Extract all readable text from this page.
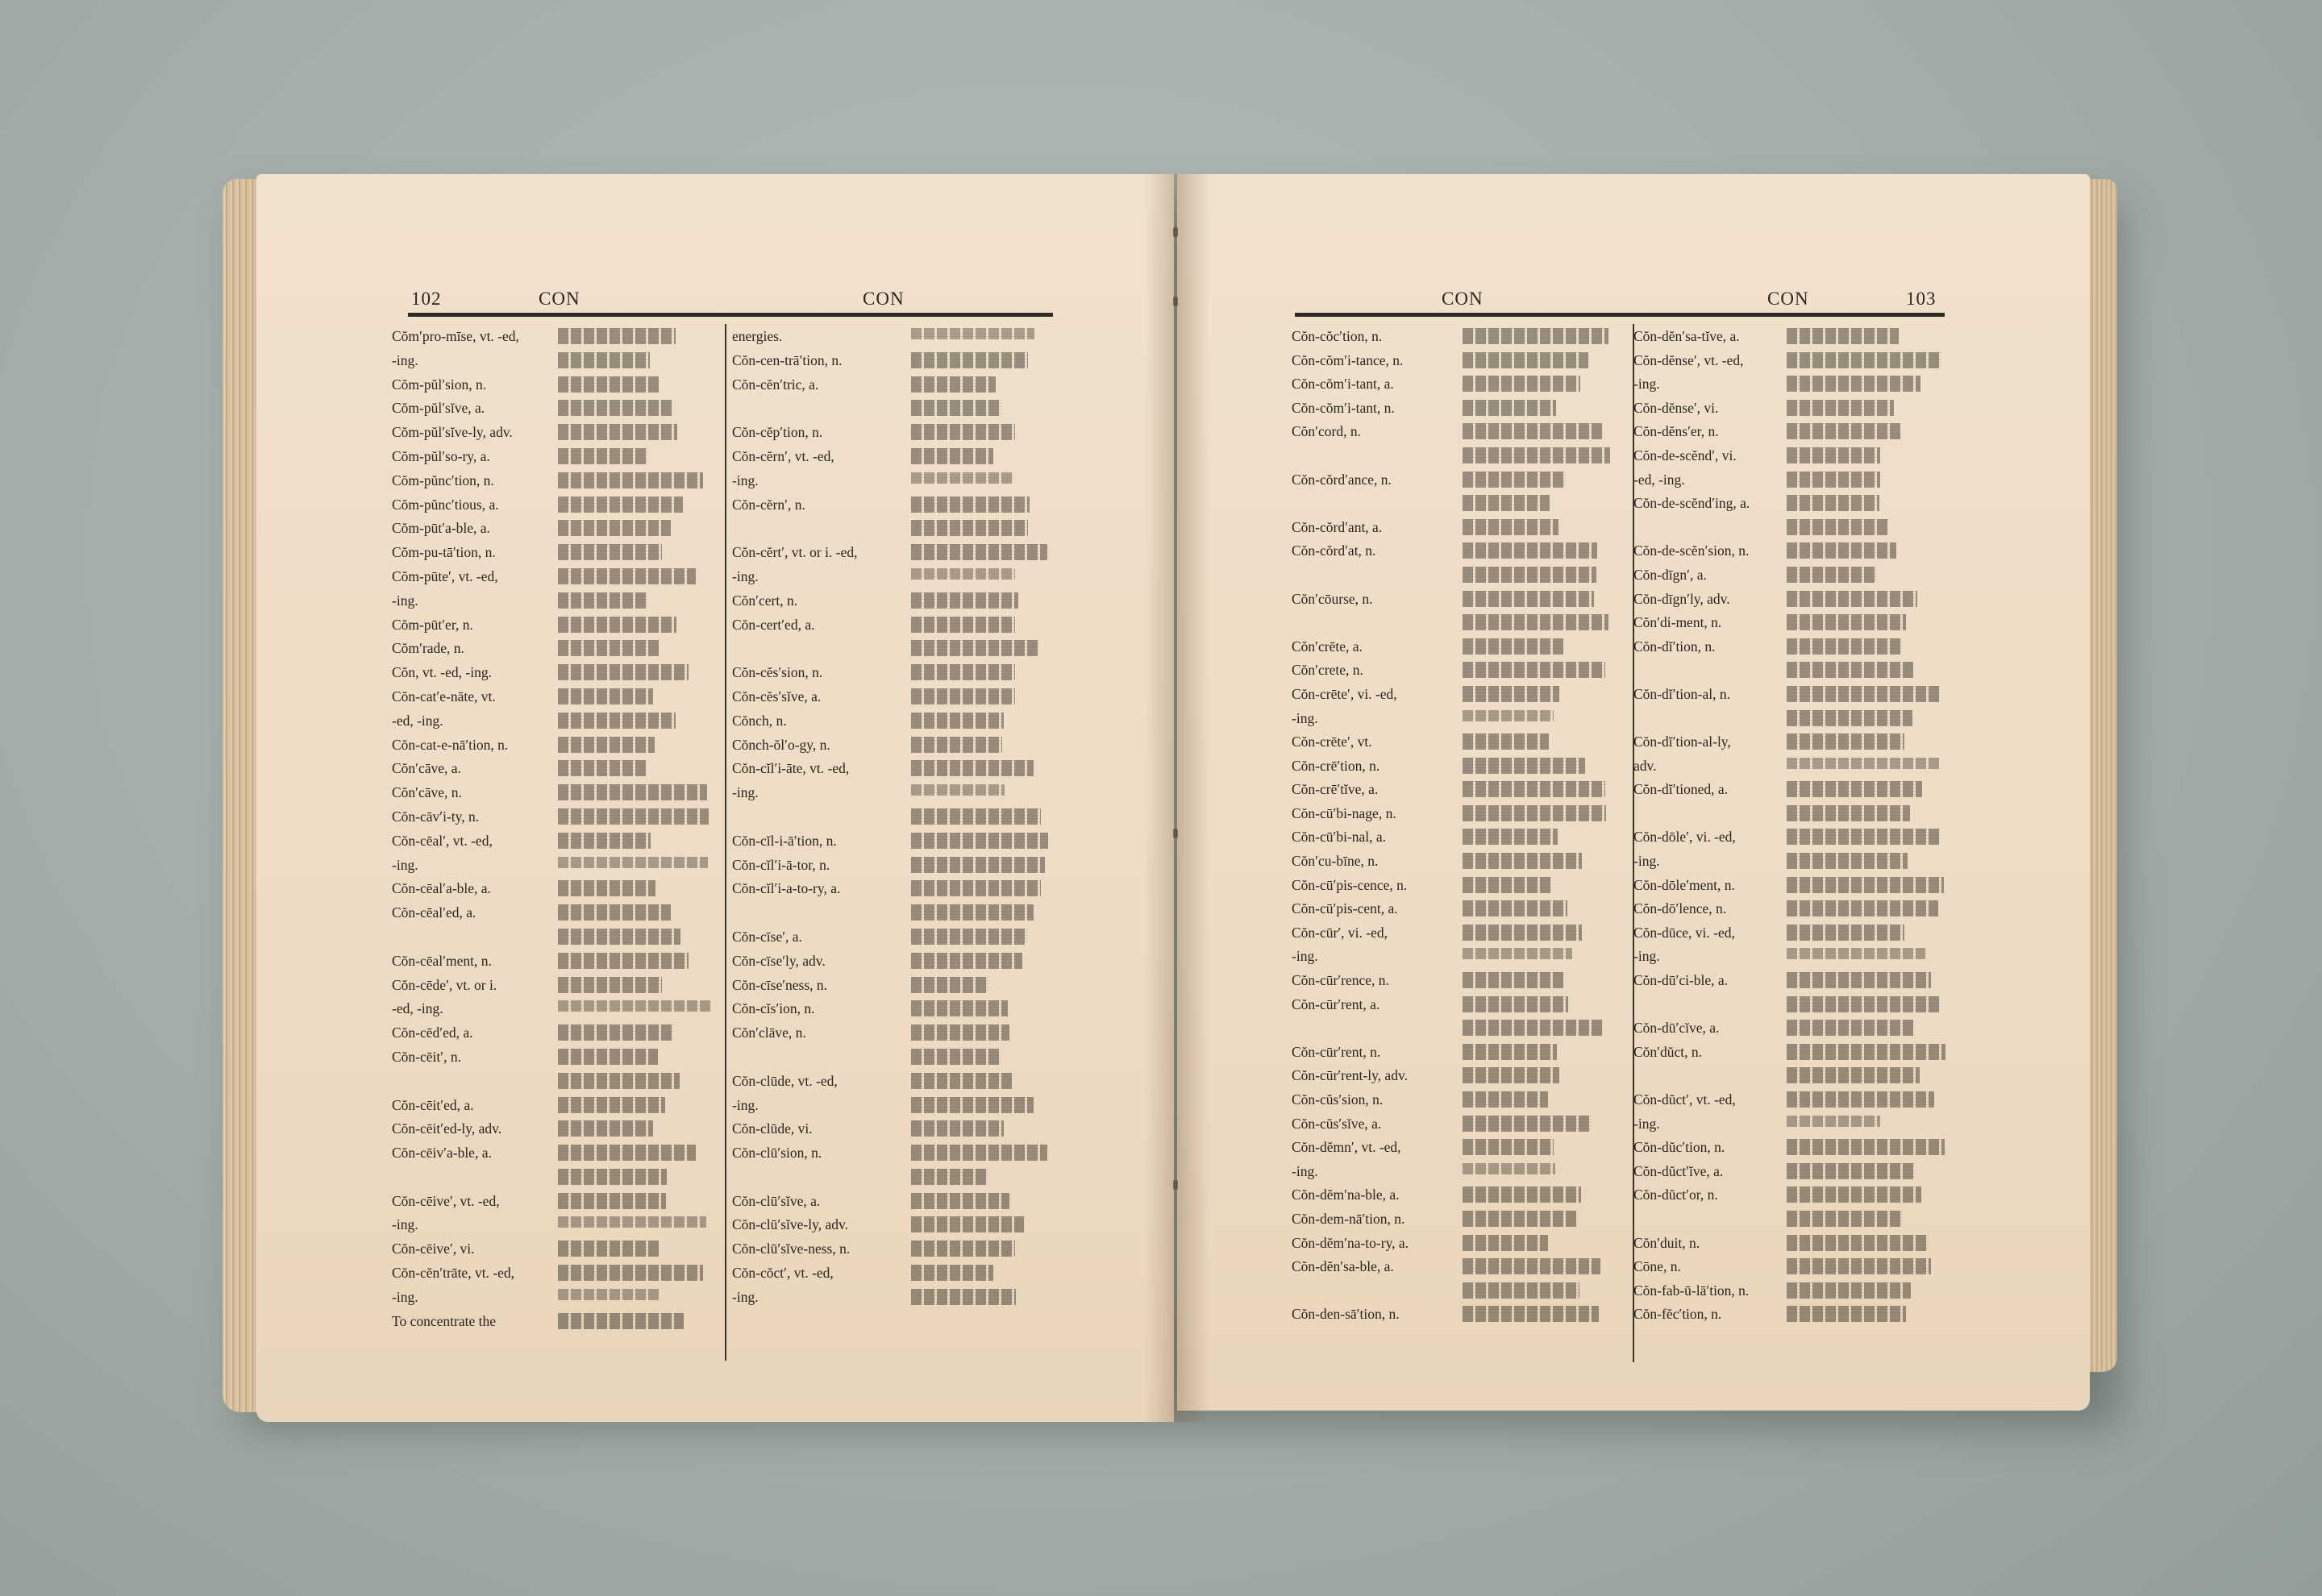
102	CON	CON
Cŏm′pro-mīse, vt. -ed,
-ing.
Cŏm-pŭl′sion, n.
Cŏm-pŭl′sĭve, a.
Cŏm-pŭl′sĭve-ly, adv.
Cŏm-pŭl′so-ry, a.
Cŏm-pŭnc′tion, n.
Cŏm-pŭnc′tious, a.
Cŏm-pūt′a-ble, a.
Cŏm-pu-tā′tion, n.
Cŏm-pūte′, vt. -ed,
-ing.
Cŏm-pūt′er, n.
Cŏm′rade, n.
Cŏn, vt. -ed, -ing.
Cŏn-cat′e-nāte, vt.
-ed, -ing.
Cŏn-cat-e-nā′tion, n.
Cŏn′cāve, a.
Cŏn′cāve, n.
Cŏn-cāv′i-ty, n.
Cŏn-cēal′, vt. -ed,
-ing.
Cŏn-cēal′a-ble, a.
Cŏn-cēal′ed, a.
Cŏn-cēal′ment, n.
Cŏn-cēde′, vt. or i.
-ed, -ing.
Cŏn-cēd′ed, a.
Cŏn-cēit′, n.
Cŏn-cēit′ed, a.
Cŏn-cēit′ed-ly, adv.
Cŏn-cēiv′a-ble, a.
Cŏn-cēive′, vt. -ed,
-ing.
Cŏn-cēive′, vi.
Cŏn-cĕn′trāte, vt. -ed,
-ing.
To concentrate the
energies.
Cŏn-cen-trā′tion, n.
Cŏn-cĕn′tric, a.
Cŏn-cĕp′tion, n.
Cŏn-cĕrn′, vt. -ed,
-ing.
Cŏn-cĕrn′, n.
Cŏn-cĕrt′, vt. or i. -ed,
-ing.
Cŏn′cert, n.
Cŏn-cert′ed, a.
Cŏn-cĕs′sion, n.
Cŏn-cĕs′sĭve, a.
Cŏnch, n.
Cŏnch-ŏl′o-gy, n.
Cŏn-cĭl′i-āte, vt. -ed,
-ing.
Cŏn-cĭl-i-ā′tion, n.
Cŏn-cĭl′i-ā-tor, n.
Cŏn-cĭl′i-a-to-ry, a.
Cŏn-cīse′, a.
Cŏn-cīse′ly, adv.
Cŏn-cīse′ness, n.
Cŏn-cĭs′ion, n.
Cŏn′clāve, n.
Cŏn-clūde, vt. -ed,
-ing.
Cŏn-clūde, vi.
Cŏn-clū′sion, n.
Cŏn-clū′sĭve, a.
Cŏn-clū′sĭve-ly, adv.
Cŏn-clū′sĭve-ness, n.
Cŏn-cŏct′, vt. -ed,
-ing.
CON	CON	103
Cŏn-cŏc′tion, n.
Cŏn-cŏm′i-tance, n.
Cŏn-cŏm′i-tant, a.
Cŏn-cŏm′i-tant, n.
Cŏn′cord, n.
Cŏn-cŏrd′ance, n.
Cŏn-cŏrd′ant, a.
Cŏn-cŏrd′at, n.
Cŏn′cōurse, n.
Cŏn′crēte, a.
Cŏn′crete, n.
Cŏn-crēte′, vi. -ed,
-ing.
Cŏn-crēte′, vt.
Cŏn-crē′tion, n.
Cŏn-crē′tĭve, a.
Cŏn-cū′bi-nage, n.
Cŏn-cū′bi-nal, a.
Cŏn′cu-bīne, n.
Cŏn-cū′pis-cence, n.
Cŏn-cū′pis-cent, a.
Cŏn-cūr′, vi. -ed,
-ing.
Cŏn-cūr′rence, n.
Cŏn-cūr′rent, a.
Cŏn-cūr′rent, n.
Cŏn-cūr′rent-ly, adv.
Cŏn-cŭs′sion, n.
Cŏn-cŭs′sĭve, a.
Cŏn-dĕmn′, vt. -ed,
-ing.
Cŏn-dĕm′na-ble, a.
Cŏn-dem-nā′tion, n.
Cŏn-dĕm′na-to-ry, a.
Cŏn-dĕn′sa-ble, a.
Cŏn-den-sā′tion, n.
Cŏn-dĕn′sa-tĭve, a.
Cŏn-dĕnse′, vt. -ed,
-ing.
Cŏn-dĕnse′, vi.
Cŏn-dĕns′er, n.
Cŏn-de-scĕnd′, vi.
-ed, -ing.
Cŏn-de-scĕnd′ing, a.
Cŏn-de-scĕn′sion, n.
Cŏn-dīgn′, a.
Cŏn-dīgn′ly, adv.
Cŏn′di-ment, n.
Cŏn-dĭ′tion, n.
Cŏn-dĭ′tion-al, n.
Cŏn-dĭ′tion-al-ly,
adv.
Cŏn-dĭ′tioned, a.
Cŏn-dōle′, vi. -ed,
-ing.
Cŏn-dōle′ment, n.
Cŏn-dō′lence, n.
Cŏn-dūce, vi. -ed,
-ing.
Cŏn-dū′ci-ble, a.
Cŏn-dū′cĭve, a.
Cŏn′dŭct, n.
Cŏn-dŭct′, vt. -ed,
-ing.
Cŏn-dŭc′tion, n.
Cŏn-dŭct′ĭve, a.
Cŏn-dŭct′or, n.
Cŏn′duit, n.
Cōne, n.
Cŏn-fab-ū-lā′tion, n.
Cŏn-fĕc′tion, n.
